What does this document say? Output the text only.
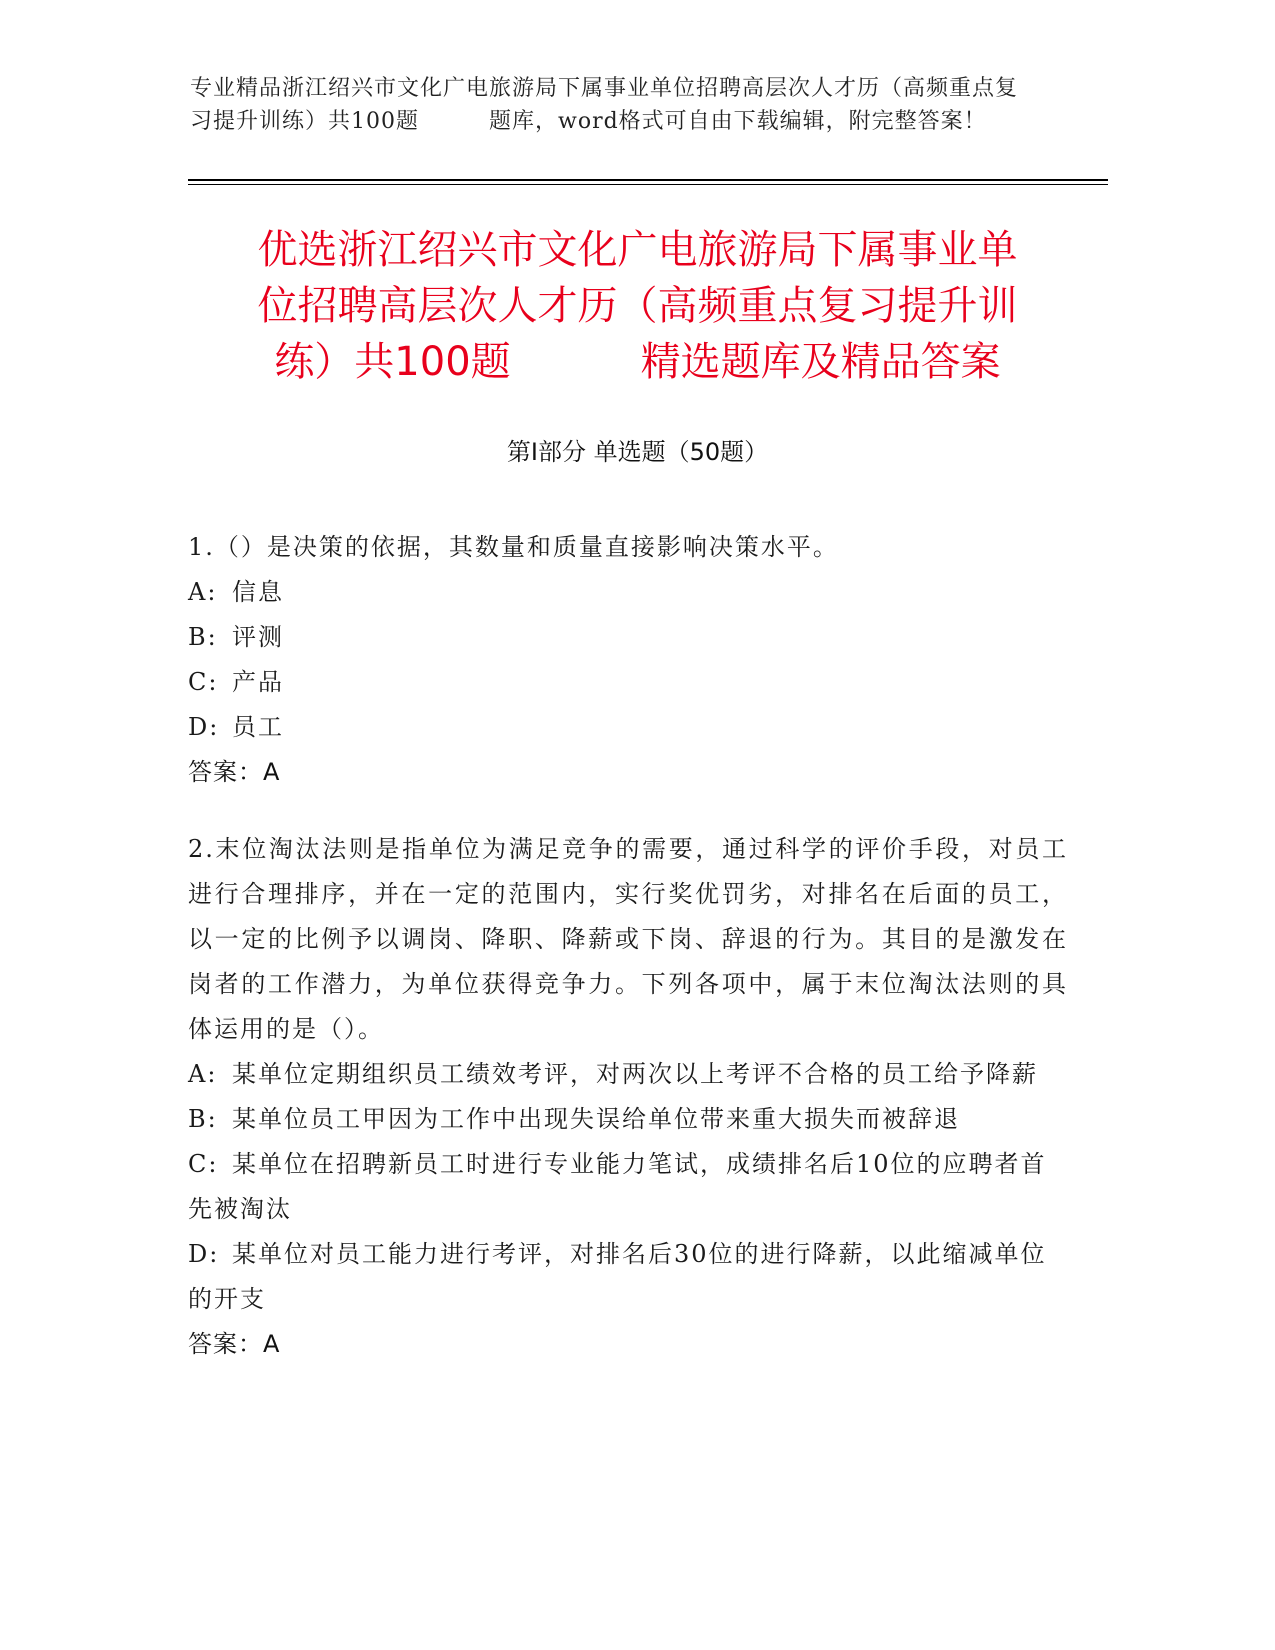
专业精品浙江绍兴市文化广电旅游局下属事业单位招聘高层次人才历（高频重点复
习提升训练）共100题	题库，word格式可自由下载编辑，附完整答案！
优选浙江绍兴市文化广电旅游局下属事业单
位招聘高层次人才历（高频重点复习提升训
练）共100题	精选题库及精品答案
第Ⅰ部分 单选题（50题）
1.（）是决策的依据，其数量和质量直接影响决策水平。
A: 信息
B: 评测
C: 产品
D: 员工
答案：A
2.末位淘汰法则是指单位为满足竞争的需要，通过科学的评价手段，对员工进行合理排序，并在一定的范围内，实行奖优罚劣，对排名在后面的员工，以一定的比例予以调岗、降职、降薪或下岗、辞退的行为。其目的是激发在岗者的工作潜力，为单位获得竞争力。下列各项中，属于末位淘汰法则的具体运用的是（）。
A: 某单位定期组织员工绩效考评，对两次以上考评不合格的员工给予降薪
B: 某单位员工甲因为工作中出现失误给单位带来重大损失而被辞退
C: 某单位在招聘新员工时进行专业能力笔试，成绩排名后10位的应聘者首先被淘汰
D: 某单位对员工能力进行考评，对排名后30位的进行降薪，以此缩减单位的开支
答案：A
